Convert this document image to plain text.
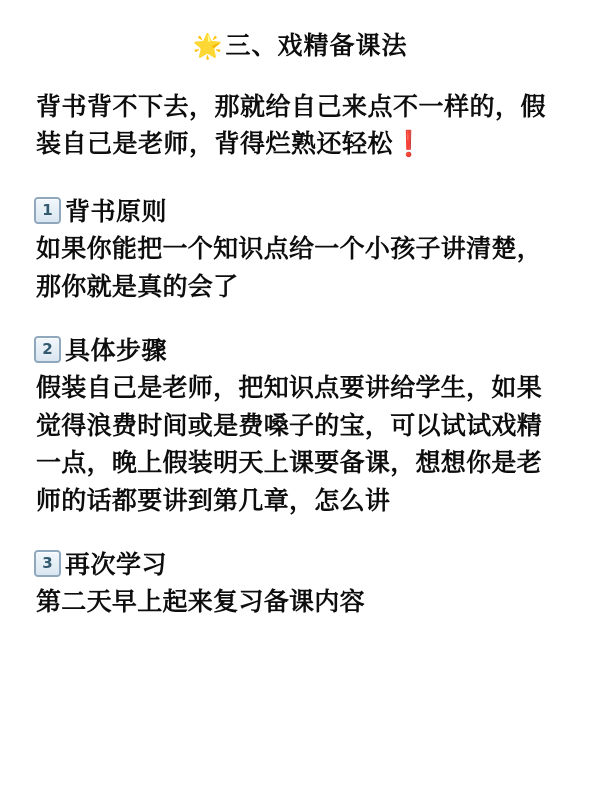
🌟三、戏精备课法

背书背不下去，那就给自己来点不一样的，假装自己是老师，背得烂熟还轻松❗

1 背书原则

如果你能把一个知识点给一个小孩子讲清楚，那你就是真的会了

2 具体步骤

假装自己是老师，把知识点要讲给学生，如果觉得浪费时间或是费嗓子的宝，可以试试戏精一点，晚上假装明天上课要备课，想想你是老师的话都要讲到第几章，怎么讲

3 再次学习

第二天早上起来复习备课内容
